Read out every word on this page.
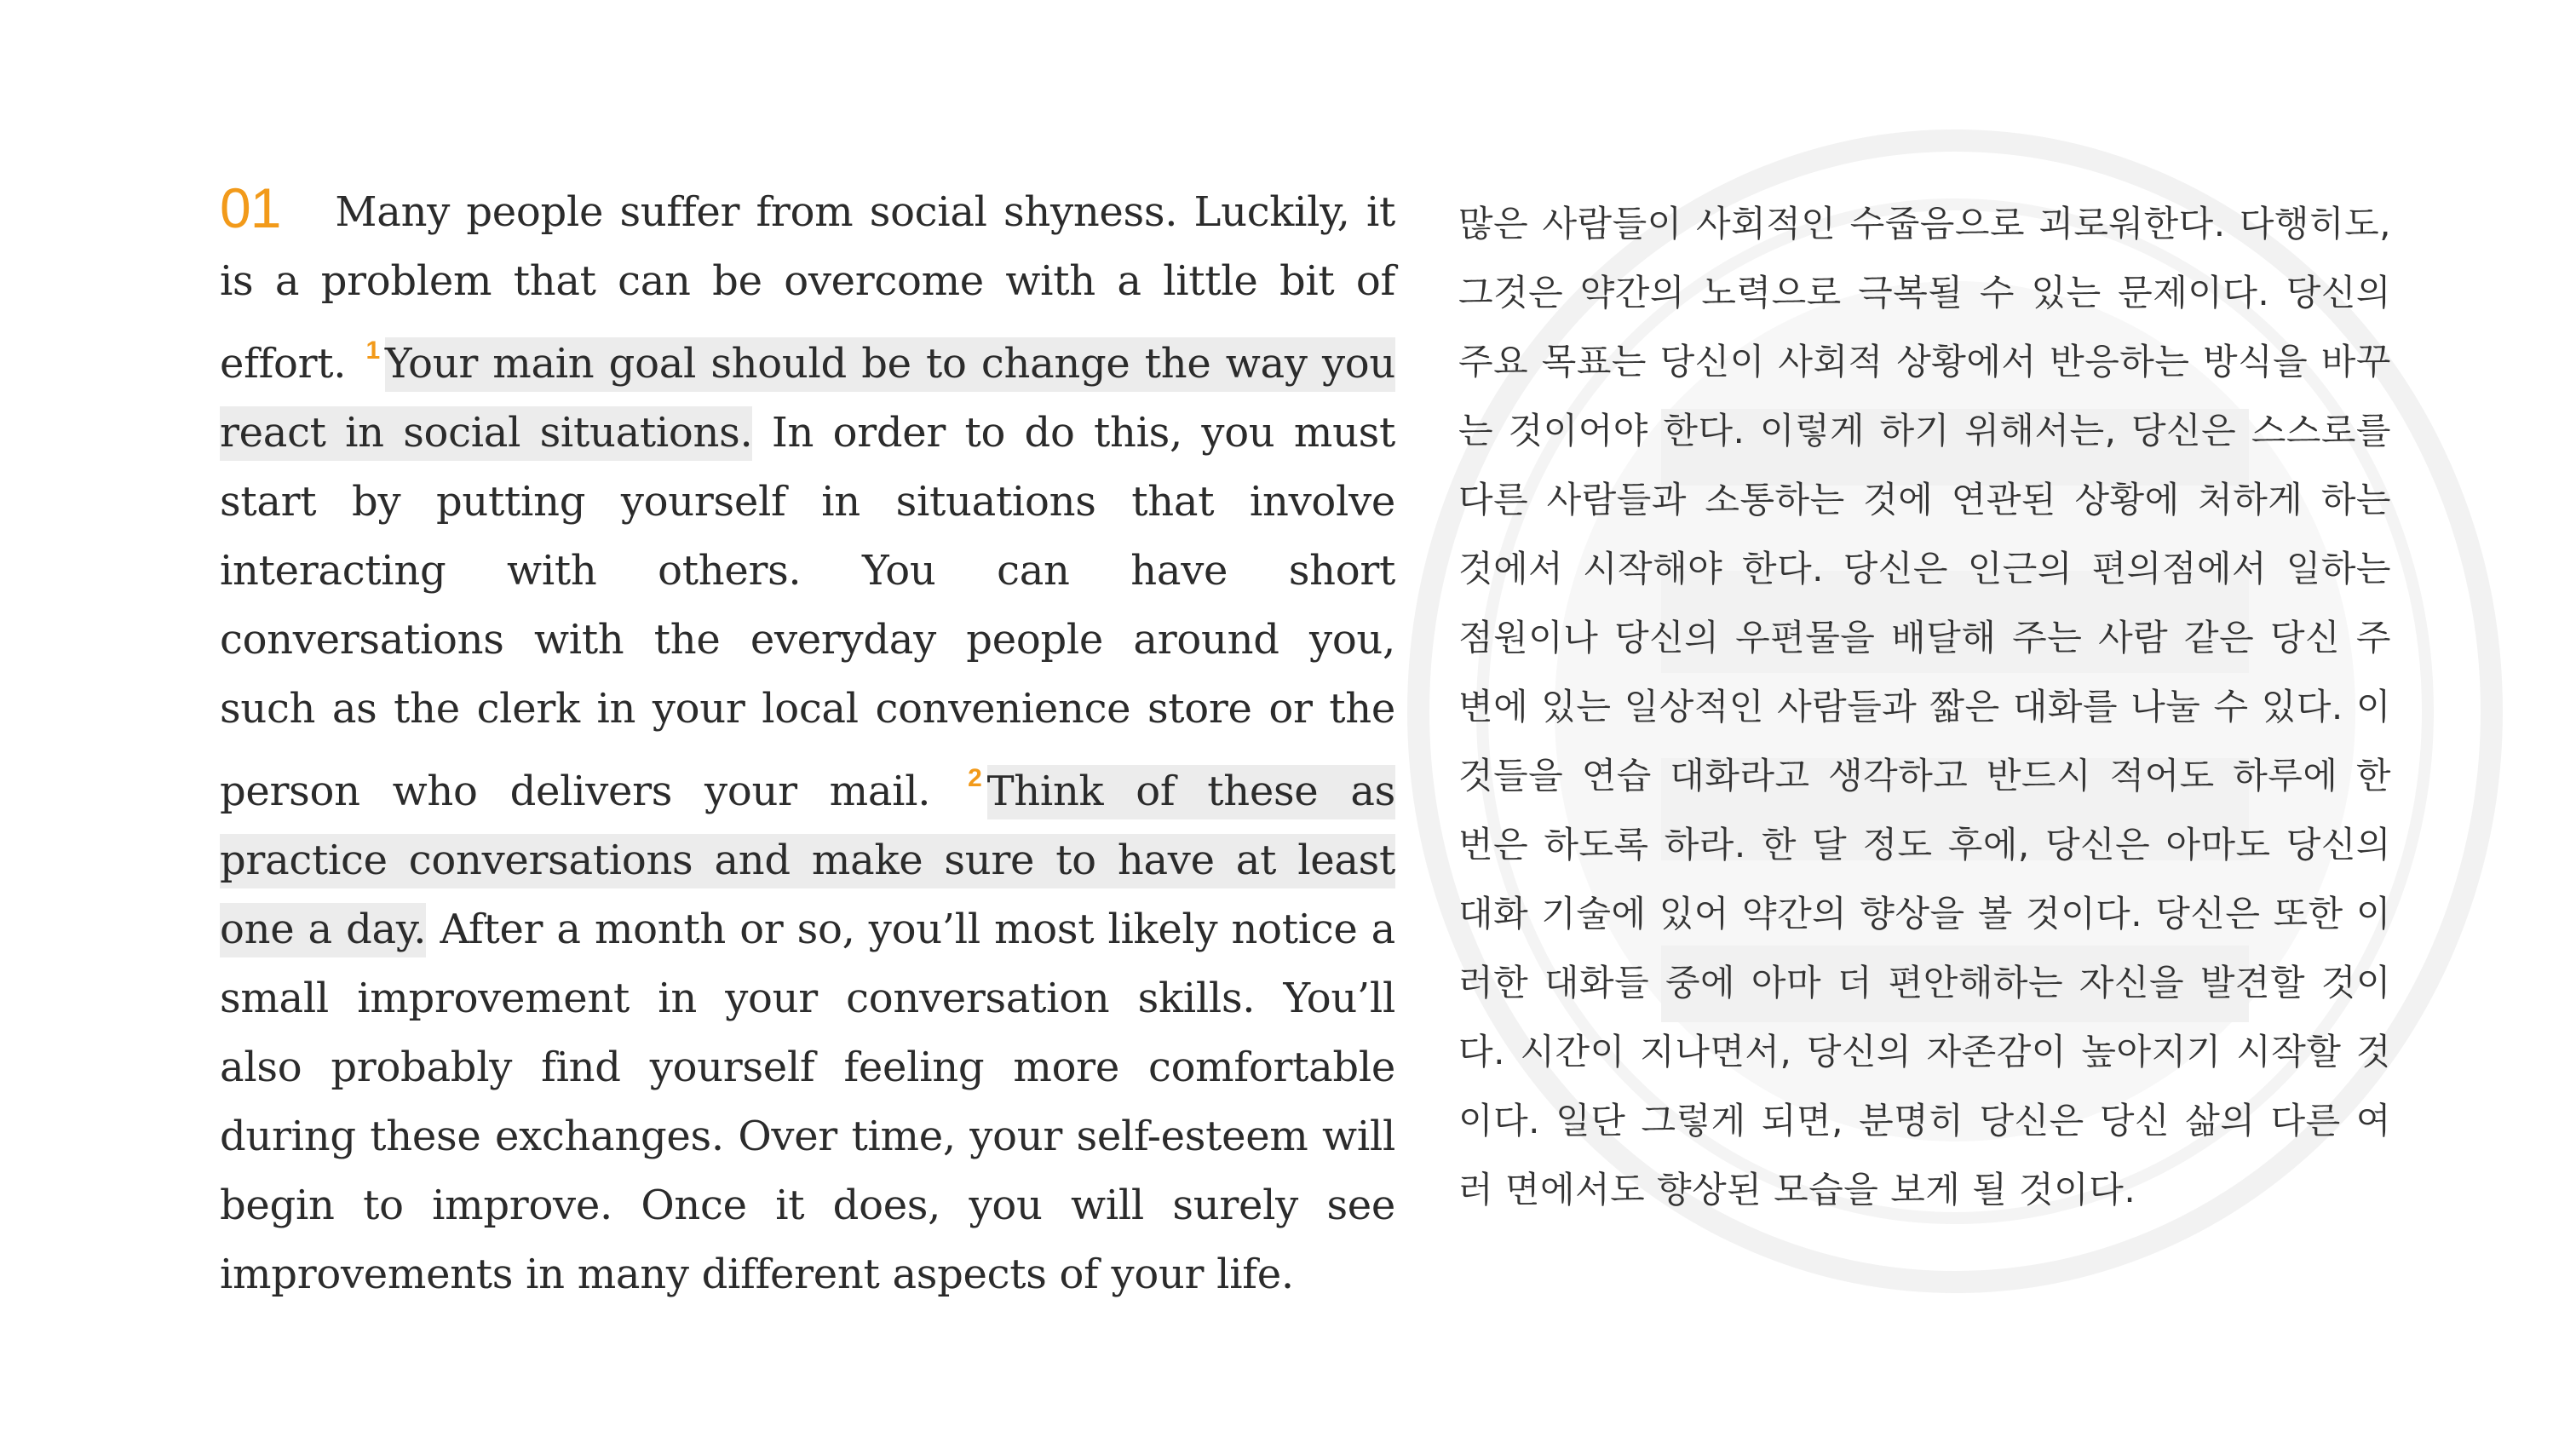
01 Many people suffer from social shyness. Luckily, it is a problem that can be overcome with a little bit of effort. $^1$ Your main goal should be to change the way you react in social situations. In order to do this, you must start by putting yourself in situations that involve interacting with others. You can have short conversations with the everyday people around you, such as the clerk in your local convenience store or the person who delivers your mail. $^2$ Think of these as practice conversations and make sure to have at least one a day. After a month or so, you’ll most likely notice a small improvement in your conversation skills. You’ll also probably find yourself feeling more comfortable during these exchanges. Over time, your self-esteem will begin to improve. Once it does, you will surely see improvements in many different aspects of your life.
많은 사람들이 사회적인 수줍음으로 괴로워한다. 다행히도, 그것은 약간의 노력으로 극복될 수 있는 문제이다. 당신의 주요 목표는 당신이 사회적 상황에서 반응하는 방식을 바꾸는 것이어야 한다. 이렇게 하기 위해서는, 당신은 스스로를 다른 사람들과 소통하는 것에 연관된 상황에 처하게 하는 것에서 시작해야 한다. 당신은 인근의 편의점에서 일하는 점원이나 당신의 우편물을 배달해 주는 사람 같은 당신 주변에 있는 일상적인 사람들과 짧은 대화를 나눌 수 있다. 이것들을 연습 대화라고 생각하고 반드시 적어도 하루에 한 번은 하도록 하라. 한 달 정도 후에, 당신은 아마도 당신의 대화 기술에 있어 약간의 향상을 볼 것이다. 당신은 또한 이러한 대화들 중에 아마 더 편안해하는 자신을 발견할 것이다. 시간이 지나면서, 당신의 자존감이 높아지기 시작할 것이다. 일단 그렇게 되면, 분명히 당신은 당신 삶의 다른 여러 면에서도 향상된 모습을 보게 될 것이다.
